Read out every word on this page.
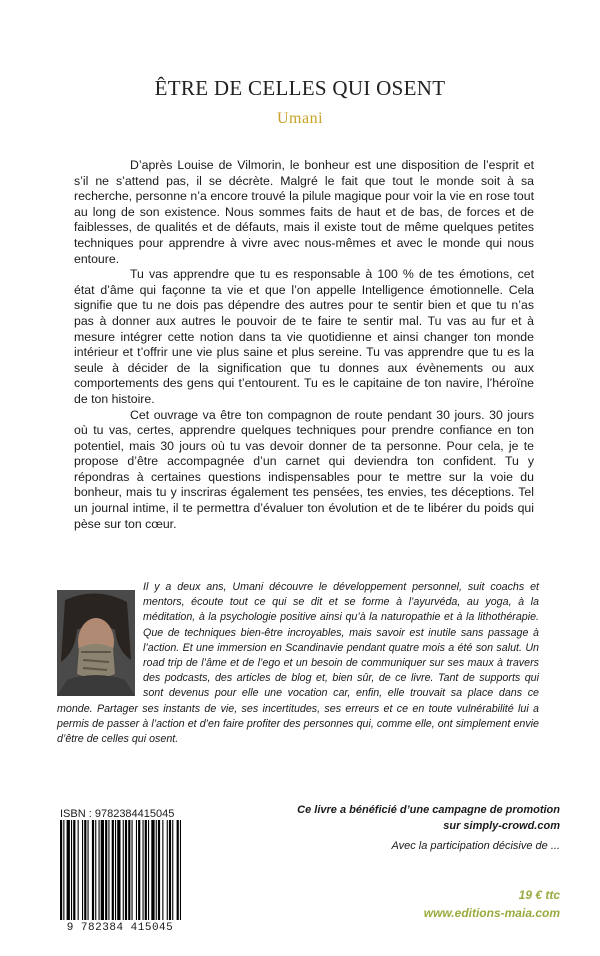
ÊTRE DE CELLES QUI OSENT
Umani

D’après Louise de Vilmorin, le bonheur est une disposition de l’esprit et s’il ne s’attend pas, il se décrète. Malgré le fait que tout le monde soit à sa recherche, personne n’a encore trouvé la pilule magique pour voir la vie en rose tout au long de son existence. Nous sommes faits de haut et de bas, de forces et de faiblesses, de qualités et de défauts, mais il existe tout de même quelques petites techniques pour apprendre à vivre avec nous-mêmes et avec le monde qui nous entoure.

Tu vas apprendre que tu es responsable à 100 % de tes émotions, cet état d’âme qui façonne ta vie et que l’on appelle Intelligence émotionnelle. Cela signifie que tu ne dois pas dépendre des autres pour te sentir bien et que tu n’as pas à donner aux autres le pouvoir de te faire te sentir mal. Tu vas au fur et à mesure intégrer cette notion dans ta vie quotidienne et ainsi changer ton monde intérieur et t’offrir une vie plus saine et plus sereine. Tu vas apprendre que tu es la seule à décider de la signification que tu donnes aux évènements ou aux comportements des gens qui t’entourent. Tu es le capitaine de ton navire, l’héroïne de ton histoire.

Cet ouvrage va être ton compagnon de route pendant 30 jours. 30 jours où tu vas, certes, apprendre quelques techniques pour prendre confiance en ton potentiel, mais 30 jours où tu vas devoir donner de ta personne. Pour cela, je te propose d’être accompagnée d’un carnet qui deviendra ton confident. Tu y répondras à certaines questions indispensables pour te mettre sur la voie du bonheur, mais tu y inscriras également tes pensées, tes envies, tes déceptions. Tel un journal intime, il te permettra d’évaluer ton évolution et de te libérer du poids qui pèse sur ton cœur.

Il y a deux ans, Umani découvre le développement personnel, suit coachs et mentors, écoute tout ce qui se dit et se forme à l’ayurvéda, au yoga, à la méditation, à la psychologie positive ainsi qu’à la naturopathie et à la lithothérapie. Que de techniques bien-être incroyables, mais savoir est inutile sans passage à l’action. Et une immersion en Scandinavie pendant quatre mois a été son salut. Un road trip de l’âme et de l’ego et un besoin de communiquer sur ses maux à travers des podcasts, des articles de blog et, bien sûr, de ce livre. Tant de supports qui sont devenus pour elle une vocation car, enfin, elle trouvait sa place dans ce monde. Partager ses instants de vie, ses incertitudes, ses erreurs et ce en toute vulnérabilité lui a permis de passer à l’action et d’en faire profiter des personnes qui, comme elle, ont simplement envie d’être de celles qui osent.
ISBN : 9782384415045
9 782384 415045
Ce livre a bénéficié d’une campagne de promotion
sur simply-crowd.com
Avec la participation décisive de ...
19 € ttc
www.editions-maia.com
